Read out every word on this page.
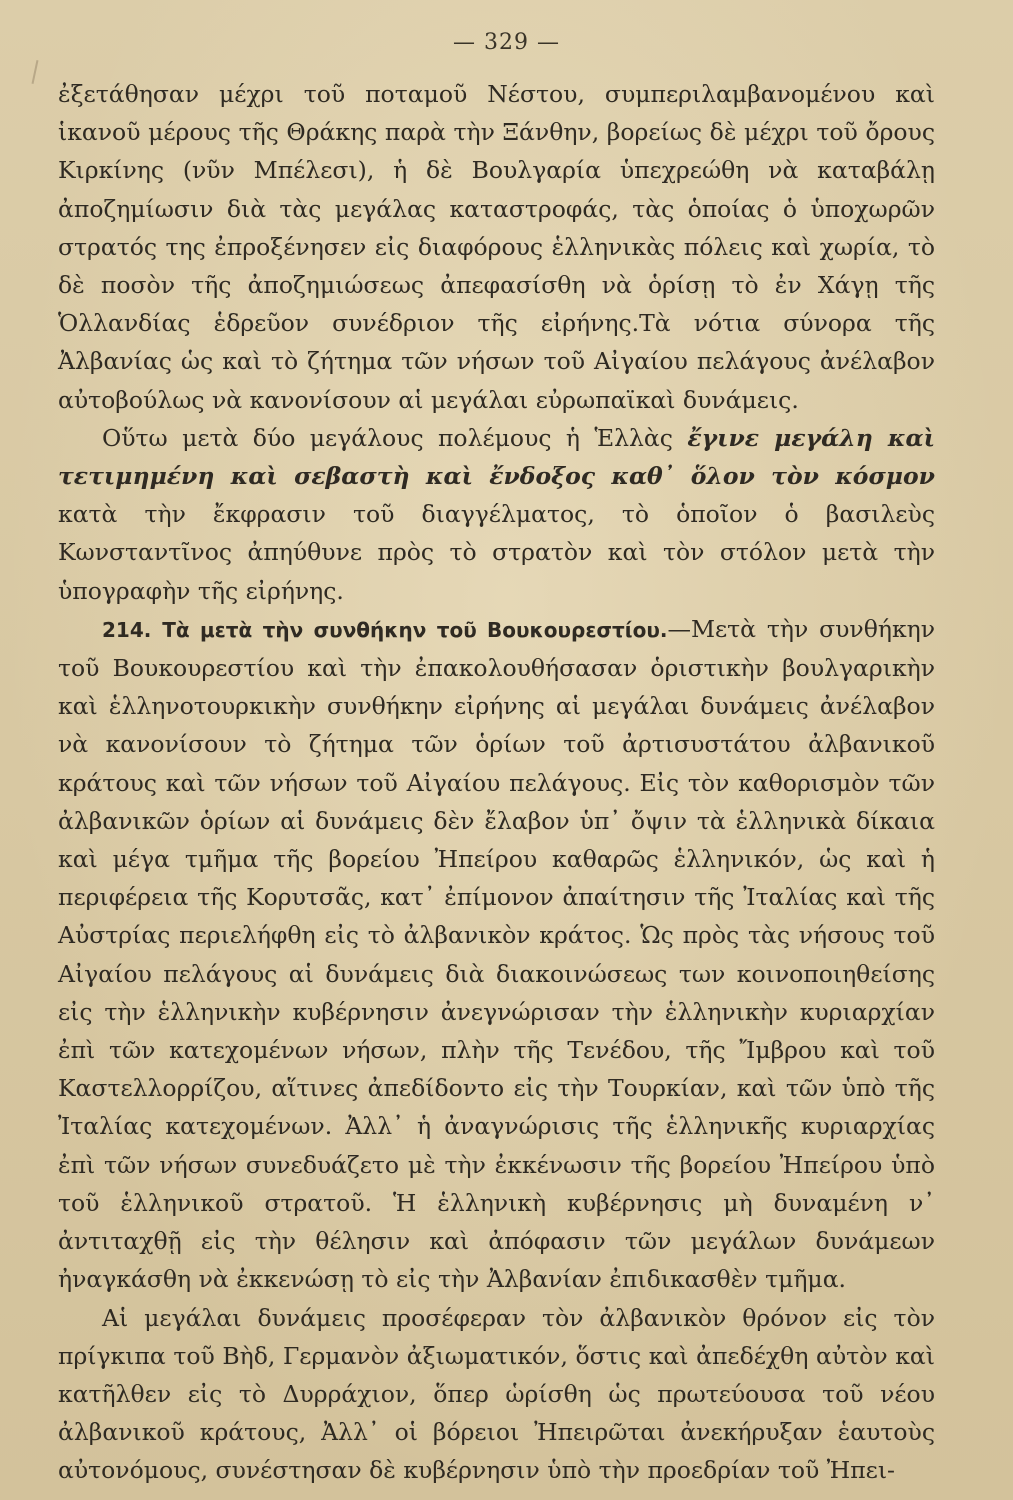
— 329 —

ἐξετάθησαν μέχρι τοῦ ποταμοῦ Νέστου, συμπεριλαμβανομένου καὶ ἱκανοῦ μέρους τῆς Θράκης παρὰ τὴν Ξάνθην, βορείως δὲ μέχρι τοῦ ὄρους Κιρκίνης (νῦν Μπέλεσι), ἡ δὲ Βουλγαρία ὑπεχρεώθη νὰ καταβάλῃ ἀποζημίωσιν διὰ τὰς μεγάλας καταστροφάς, τὰς ὁποίας ὁ ὑποχωρῶν στρατός της ἐπροξένησεν εἰς διαφόρους ἑλληνικὰς πόλεις καὶ χωρία, τὸ δὲ ποσὸν τῆς ἀποζημιώσεως ἀπεφασίσθη νὰ ὁρίσῃ τὸ ἐν Χάγῃ τῆς Ὁλλανδίας ἑδρεῦον συνέδριον τῆς εἰρήνης.Τὰ νότια σύνορα τῆς Ἀλβανίας ὡς καὶ τὸ ζήτημα τῶν νήσων τοῦ Αἰγαίου πελάγους ἀνέλαβον αὐτοβούλως νὰ κανονίσουν αἱ μεγάλαι εὐρωπαϊκαὶ δυνάμεις.

Οὕτω μετὰ δύο μεγάλους πολέμους ἡ Ἑλλὰς ἔγινε μεγάλη καὶ τετιμημένη καὶ σεβαστὴ καὶ ἔνδοξος καθ᾽ ὅλον τὸν κόσμον κατὰ τὴν ἔκφρασιν τοῦ διαγγέλματος, τὸ ὁποῖον ὁ βασιλεὺς Κωνσταντῖνος ἀπηύθυνε πρὸς τὸ στρατὸν καὶ τὸν στόλον μετὰ τὴν ὑπογραφὴν τῆς εἰρήνης.

214. Τὰ μετὰ τὴν συνθήκην τοῦ Βουκουρεστίου.—Μετὰ τὴν συνθήκην τοῦ Βουκουρεστίου καὶ τὴν ἐπακολουθήσασαν ὁριστικὴν βουλγαρικὴν καὶ ἑλληνοτουρκικὴν συνθήκην εἰρήνης αἱ μεγάλαι δυνάμεις ἀνέλαβον νὰ κανονίσουν τὸ ζήτημα τῶν ὁρίων τοῦ ἀρτισυστάτου ἀλβανικοῦ κράτους καὶ τῶν νήσων τοῦ Αἰγαίου πελάγους. Εἰς τὸν καθορισμὸν τῶν ἀλβανικῶν ὁρίων αἱ δυνάμεις δὲν ἔλαβον ὑπ᾽ ὄψιν τὰ ἑλληνικὰ δίκαια καὶ μέγα τμῆμα τῆς βορείου Ἠπείρου καθαρῶς ἑλληνικόν, ὡς καὶ ἡ περιφέρεια τῆς Κορυτσᾶς, κατ᾽ ἐπίμονον ἀπαίτησιν τῆς Ἰταλίας καὶ τῆς Αὐστρίας περιελήφθη εἰς τὸ ἀλβανικὸν κράτος. Ὡς πρὸς τὰς νήσους τοῦ Αἰγαίου πελάγους αἱ δυνάμεις διὰ διακοινώσεως των κοινοποιηθείσης εἰς τὴν ἑλληνικὴν κυβέρνησιν ἀνεγνώρισαν τὴν ἑλληνικὴν κυριαρχίαν ἐπὶ τῶν κατεχομένων νήσων, πλὴν τῆς Τενέδου, τῆς Ἴμβρου καὶ τοῦ Καστελλορρίζου, αἵτινες ἀπεδίδοντο εἰς τὴν Τουρκίαν, καὶ τῶν ὑπὸ τῆς Ἰταλίας κατεχομένων. Ἀλλ᾽ ἡ ἀναγνώρισις τῆς ἑλληνικῆς κυριαρχίας ἐπὶ τῶν νήσων συνεδυάζετο μὲ τὴν ἐκκένωσιν τῆς βορείου Ἠπείρου ὑπὸ τοῦ ἑλληνικοῦ στρατοῦ. Ἡ ἑλληνικὴ κυβέρνησις μὴ δυναμένη ν᾽ ἀντιταχθῇ εἰς τὴν θέλησιν καὶ ἀπόφασιν τῶν μεγάλων δυνάμεων ἠναγκάσθη νὰ ἐκκενώσῃ τὸ εἰς τὴν Ἀλβανίαν ἐπιδικασθὲν τμῆμα.

Αἱ μεγάλαι δυνάμεις προσέφεραν τὸν ἀλβανικὸν θρόνον εἰς τὸν πρίγκιπα τοῦ Βὴδ, Γερμανὸν ἀξιωματικόν, ὅστις καὶ ἀπεδέχθη αὐτὸν καὶ κατῆλθεν εἰς τὸ Δυρράχιον, ὅπερ ὡρίσθη ὡς πρωτεύουσα τοῦ νέου ἀλβανικοῦ κράτους, Ἀλλ᾽ οἱ βόρειοι Ἠπειρῶται ἀνεκήρυξαν ἑαυτοὺς αὐτονόμους, συνέστησαν δὲ κυβέρνησιν ὑπὸ τὴν προεδρίαν τοῦ Ἠπει-
